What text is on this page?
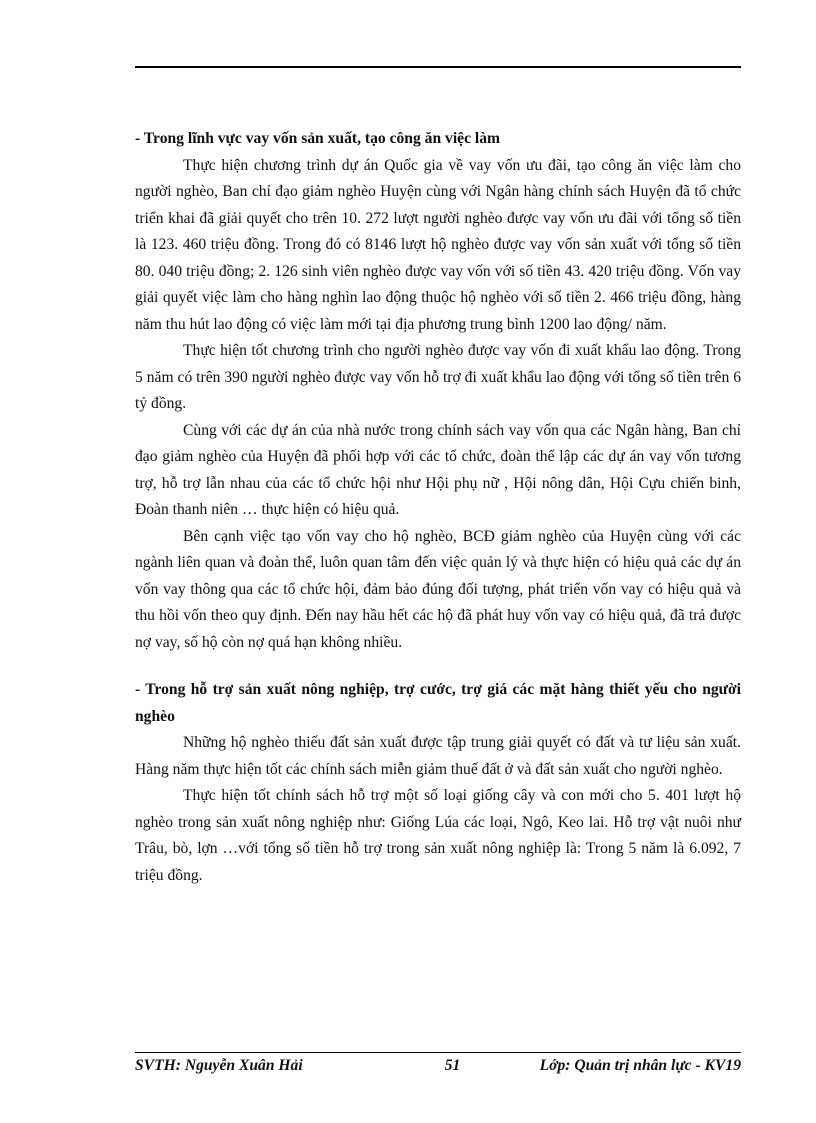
- Trong lĩnh vực vay vốn sản xuất, tạo công ăn việc làm

Thực hiện chương trình dự án Quốc gia về vay vốn ưu đãi, tạo công ăn việc làm cho người nghèo, Ban chỉ đạo giảm nghèo Huyện cùng với Ngân hàng chính sách Huyện đã tổ chức triển khai đã giải quyết cho trên 10. 272 lượt người nghèo được vay vốn ưu đãi với tổng số tiền là 123. 460 triệu đồng. Trong đó có 8146 lượt hộ nghèo được vay vốn sản xuất với tổng số tiền 80. 040 triệu đồng; 2. 126 sinh viên nghèo được vay vốn với số tiền 43. 420 triệu đồng. Vốn vay giải quyết việc làm cho hàng nghìn lao động thuộc hộ nghèo với số tiền 2. 466 triệu đồng, hàng năm thu hút lao động có việc làm mới tại địa phương trung bình 1200 lao động/ năm.

Thực hiện tốt chương trình cho người nghèo được vay vốn đi xuất khẩu lao động. Trong 5 năm có trên 390 người nghèo được vay vốn hỗ trợ đi xuất khẩu lao động với tổng số tiền trên 6 tỷ đồng.

Cùng với các dự án của nhà nước trong chính sách vay vốn qua các Ngân hàng, Ban chỉ đạo giảm nghèo của Huyện đã phối hợp với các tổ chức, đoàn thể lập các dự án vay vốn tương trợ, hỗ trợ lẫn nhau của các tổ chức hội như Hội phụ nữ , Hội nông dân, Hội Cựu chiến binh, Đoàn thanh niên … thực hiện có hiệu quả.

Bên cạnh việc tạo vốn vay cho hộ nghèo, BCĐ giảm nghèo của Huyện cùng với các ngành liên quan và đoàn thể, luôn quan tâm đến việc quản lý và thực hiện có hiệu quả các dự án vốn vay thông qua các tổ chức hội, đảm bảo đúng đối tượng, phát triển vốn vay có hiệu quả và thu hồi vốn theo quy định. Đến nay hầu hết các hộ đã phát huy vốn vay có hiệu quả, đã trả được nợ vay, số hộ còn nợ quá hạn không nhiều.

- Trong hỗ trợ sản xuất nông nghiệp, trợ cước, trợ giá các mặt hàng thiết yếu cho người nghèo

Những hộ nghèo thiếu đất sản xuất được tập trung giải quyết có đất và tư liệu sản xuất. Hàng năm thực hiện tốt các chính sách miễn giảm thuế đất ở và đất sản xuất cho người nghèo.

Thực hiện tốt chính sách hỗ trợ một số loại giống cây và con mới cho 5. 401 lượt hộ nghèo trong sản xuất nông nghiệp như: Giống Lúa các loại, Ngô, Keo lai. Hỗ trợ vật nuôi như Trâu, bò, lợn …với tổng số tiền hỗ trợ trong sản xuất nông nghiệp là: Trong 5 năm là 6.092, 7 triệu đồng.

SVTH: Nguyễn Xuân Hải	51	Lớp: Quản trị nhân lực - KV19
